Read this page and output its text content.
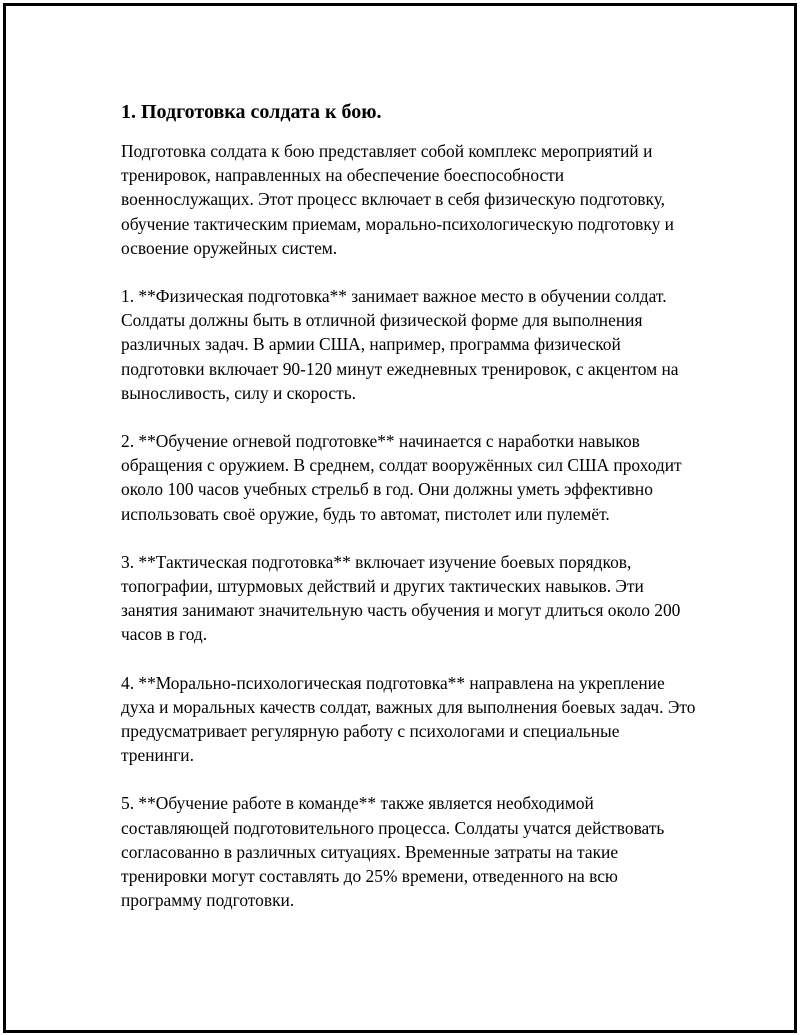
1. Подготовка солдата к бою.

Подготовка солдата к бою представляет собой комплекс мероприятий и тренировок, направленных на обеспечение боеспособности военнослужащих. Этот процесс включает в себя физическую подготовку, обучение тактическим приемам, морально-психологическую подготовку и освоение оружейных систем.

1. **Физическая подготовка** занимает важное место в обучении солдат. Солдаты должны быть в отличной физической форме для выполнения различных задач. В армии США, например, программа физической подготовки включает 90-120 минут ежедневных тренировок, с акцентом на выносливость, силу и скорость.

2. **Обучение огневой подготовке** начинается с наработки навыков обращения с оружием. В среднем, солдат вооружённых сил США проходит около 100 часов учебных стрельб в год. Они должны уметь эффективно использовать своё оружие, будь то автомат, пистолет или пулемёт.

3. **Тактическая подготовка** включает изучение боевых порядков, топографии, штурмовых действий и других тактических навыков. Эти занятия занимают значительную часть обучения и могут длиться около 200 часов в год.

4. **Морально-психологическая подготовка** направлена на укрепление духа и моральных качеств солдат, важных для выполнения боевых задач. Это предусматривает регулярную работу с психологами и специальные тренинги.

5. **Обучение работе в команде** также является необходимой составляющей подготовительного процесса. Солдаты учатся действовать согласованно в различных ситуациях. Временные затраты на такие тренировки могут составлять до 25% времени, отведенного на всю программу подготовки.
